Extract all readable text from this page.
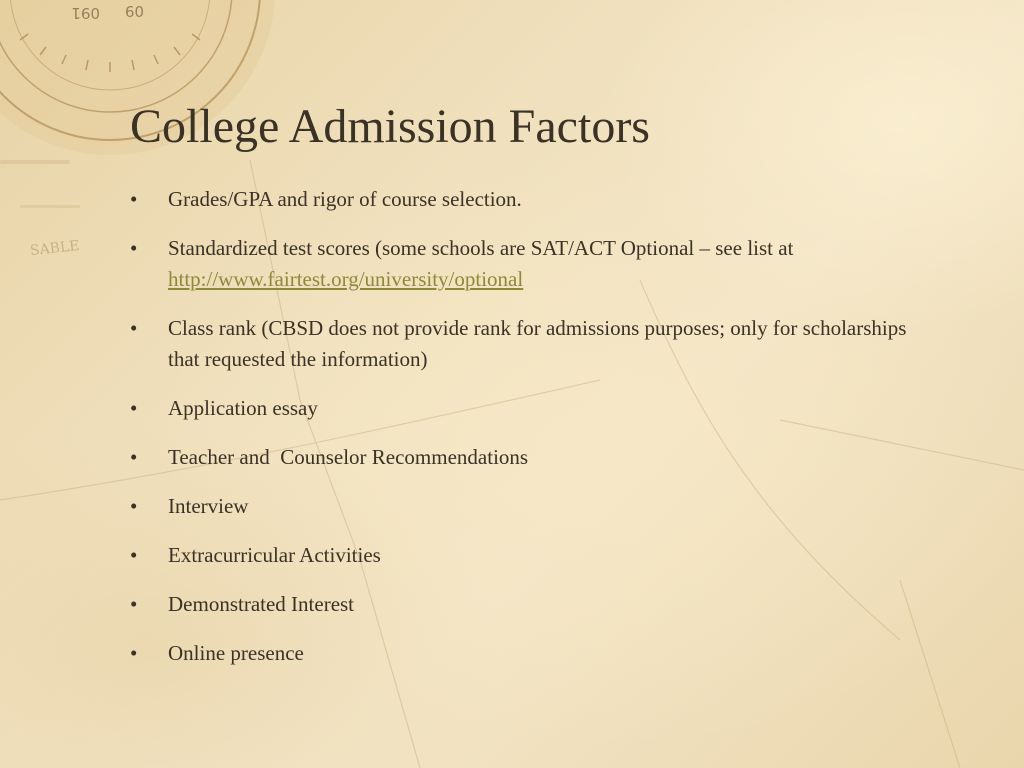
091 09
SABLE
College Admission Factors
•	Grades/GPA and rigor of course selection.
•	Standardized test scores (some schools are SAT/ACT Optional – see list at http://www.fairtest.org/university/optional
•	Class rank (CBSD does not provide rank for admissions purposes; only for scholarships that requested the information)
•	Application essay
•	Teacher and  Counselor Recommendations
•	Interview
•	Extracurricular Activities
•	Demonstrated Interest
•	Online presence
